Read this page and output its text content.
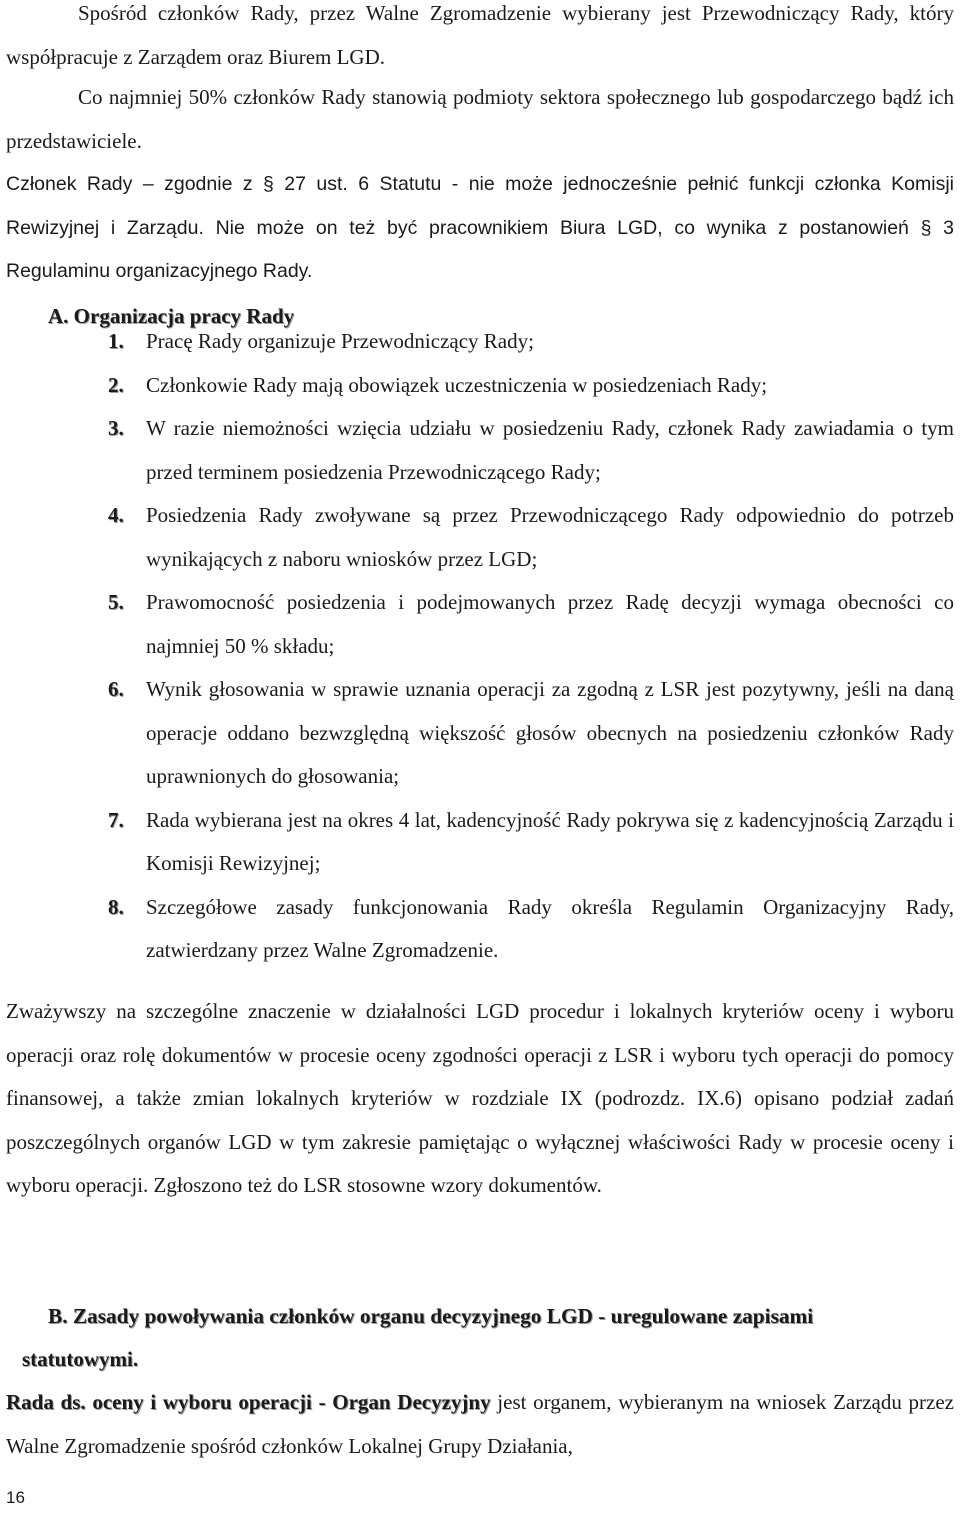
Spośród członków Rady, przez Walne Zgromadzenie wybierany jest Przewodniczący Rady, który współpracuje z Zarządem oraz Biurem LGD.
Co najmniej 50% członków Rady stanowią podmioty sektora społecznego lub gospodarczego bądź ich przedstawiciele.
Członek Rady – zgodnie z § 27 ust. 6 Statutu - nie może jednocześnie pełnić funkcji członka Komisji Rewizyjnej i Zarządu. Nie może on też być pracownikiem Biura LGD, co wynika z postanowień § 3 Regulaminu organizacyjnego Rady.
A. Organizacja pracy Rady
1. Pracę Rady organizuje Przewodniczący Rady;
2. Członkowie Rady mają obowiązek uczestniczenia w posiedzeniach Rady;
3. W razie niemożności wzięcia udziału w posiedzeniu Rady, członek Rady zawiadamia o tym przed terminem posiedzenia Przewodniczącego Rady;
4. Posiedzenia Rady zwoływane są przez Przewodniczącego Rady odpowiednio do potrzeb wynikających z naboru wniosków przez LGD;
5. Prawomocność posiedzenia i podejmowanych przez Radę decyzji wymaga obecności co najmniej 50 % składu;
6. Wynik głosowania w sprawie uznania operacji za zgodną z LSR jest pozytywny, jeśli na daną operacje oddano bezwzględną większość głosów obecnych na posiedzeniu członków Rady uprawnionych do głosowania;
7. Rada wybierana jest na okres 4 lat, kadencyjność Rady pokrywa się z kadencyjnością Zarządu i Komisji Rewizyjnej;
8. Szczegółowe zasady funkcjonowania Rady określa Regulamin Organizacyjny Rady, zatwierdzany przez Walne Zgromadzenie.
Zważywszy na szczególne znaczenie w działalności LGD procedur i lokalnych kryteriów oceny i wyboru operacji oraz rolę dokumentów w procesie oceny zgodności operacji z LSR i wyboru tych operacji do pomocy finansowej, a także zmian lokalnych kryteriów w rozdziale IX (podrozdz. IX.6) opisano podział zadań poszczególnych organów LGD w tym zakresie pamiętając o wyłącznej właściwości Rady w procesie oceny i wyboru operacji. Zgłoszono też do LSR stosowne wzory dokumentów.
B. Zasady powoływania członków organu decyzyjnego LGD - uregulowane zapisami
statutowymi.
Rada ds. oceny i wyboru operacji - Organ Decyzyjny jest organem, wybieranym na wniosek Zarządu przez Walne Zgromadzenie spośród członków Lokalnej Grupy Działania,
16
